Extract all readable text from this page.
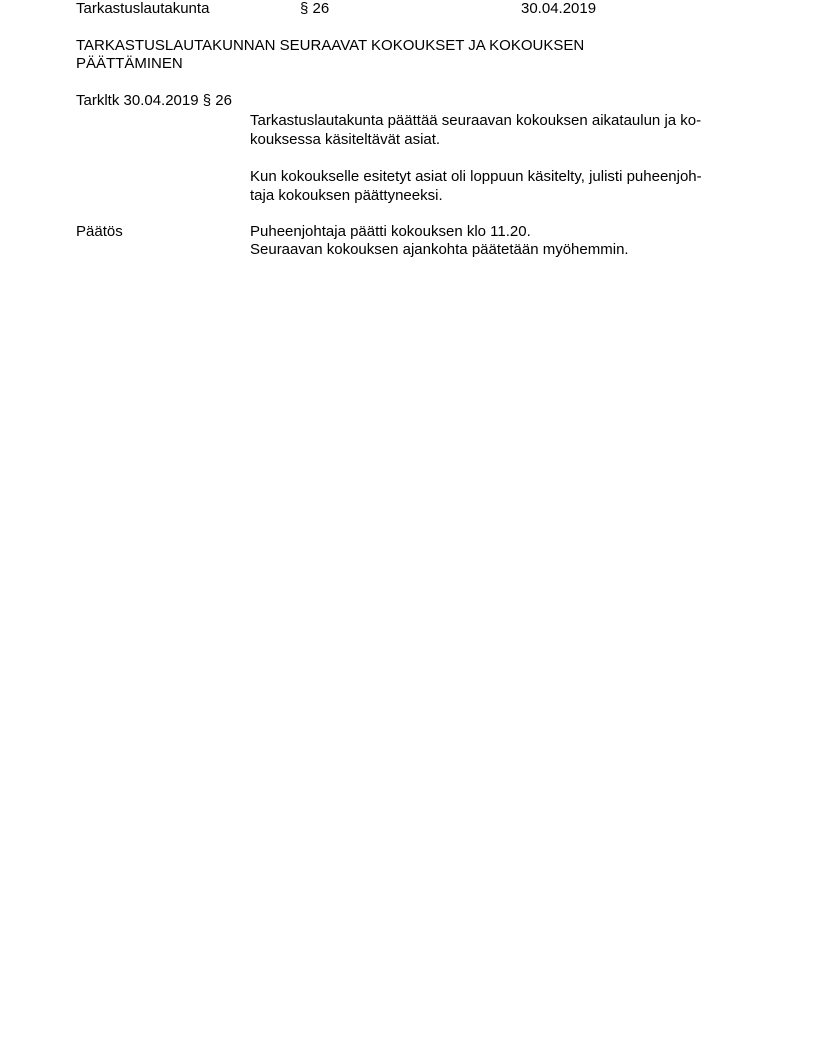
Tarkastuslautakunta	§ 26	30.04.2019
TARKASTUSLAUTAKUNNAN SEURAAVAT KOKOUKSET JA KOKOUKSEN
PÄÄTTÄMINEN
Tarkltk 30.04.2019 § 26
Tarkastuslautakunta päättää seuraavan kokouksen aikataulun ja ko-
kouksessa käsiteltävät asiat.
Kun kokoukselle esitetyt asiat oli loppuun käsitelty, julisti puheenjoh-
taja kokouksen päättyneeksi.
Päätös	Puheenjohtaja päätti kokouksen klo 11.20.
Seuraavan kokouksen ajankohta päätetään myöhemmin.
